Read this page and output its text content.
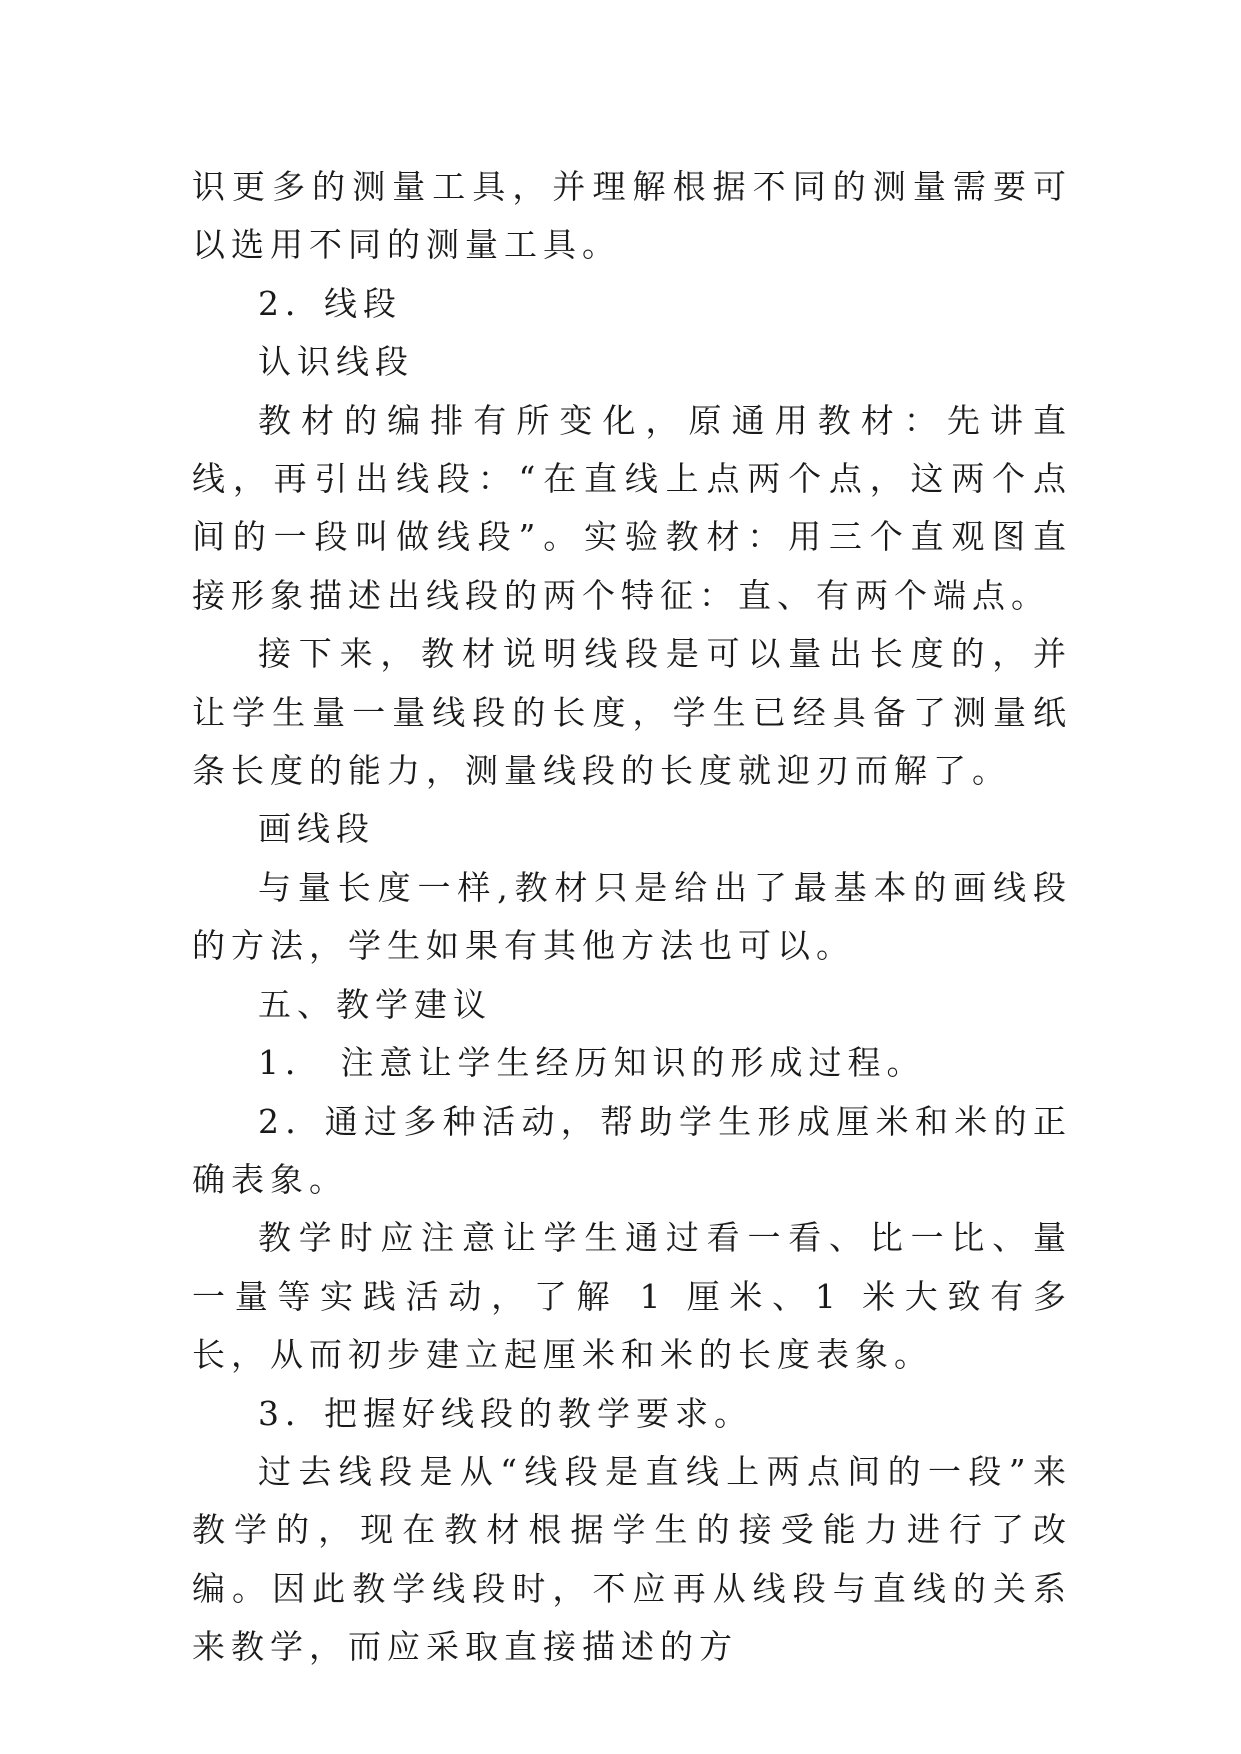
识更多的测量工具，并理解根据不同的测量需要可以选用不同的测量工具。

2．线段

认识线段

教材的编排有所变化，原通用教材：先讲直线，再引出线段：“在直线上点两个点，这两个点间的一段叫做线段”。实验教材：用三个直观图直接形象描述出线段的两个特征：直、有两个端点。

接下来，教材说明线段是可以量出长度的，并让学生量一量线段的长度，学生已经具备了测量纸条长度的能力，测量线段的长度就迎刃而解了。

画线段

与量长度一样,教材只是给出了最基本的画线段的方法，学生如果有其他方法也可以。

五、教学建议

1． 注意让学生经历知识的形成过程。

2．通过多种活动，帮助学生形成厘米和米的正确表象。

教学时应注意让学生通过看一看、比一比、量一量等实践活动，了解 1 厘米、1 米大致有多长，从而初步建立起厘米和米的长度表象。

3．把握好线段的教学要求。

过去线段是从“线段是直线上两点间的一段”来教学的，现在教材根据学生的接受能力进行了改编。因此教学线段时，不应再从线段与直线的关系来教学，而应采取直接描述的方
